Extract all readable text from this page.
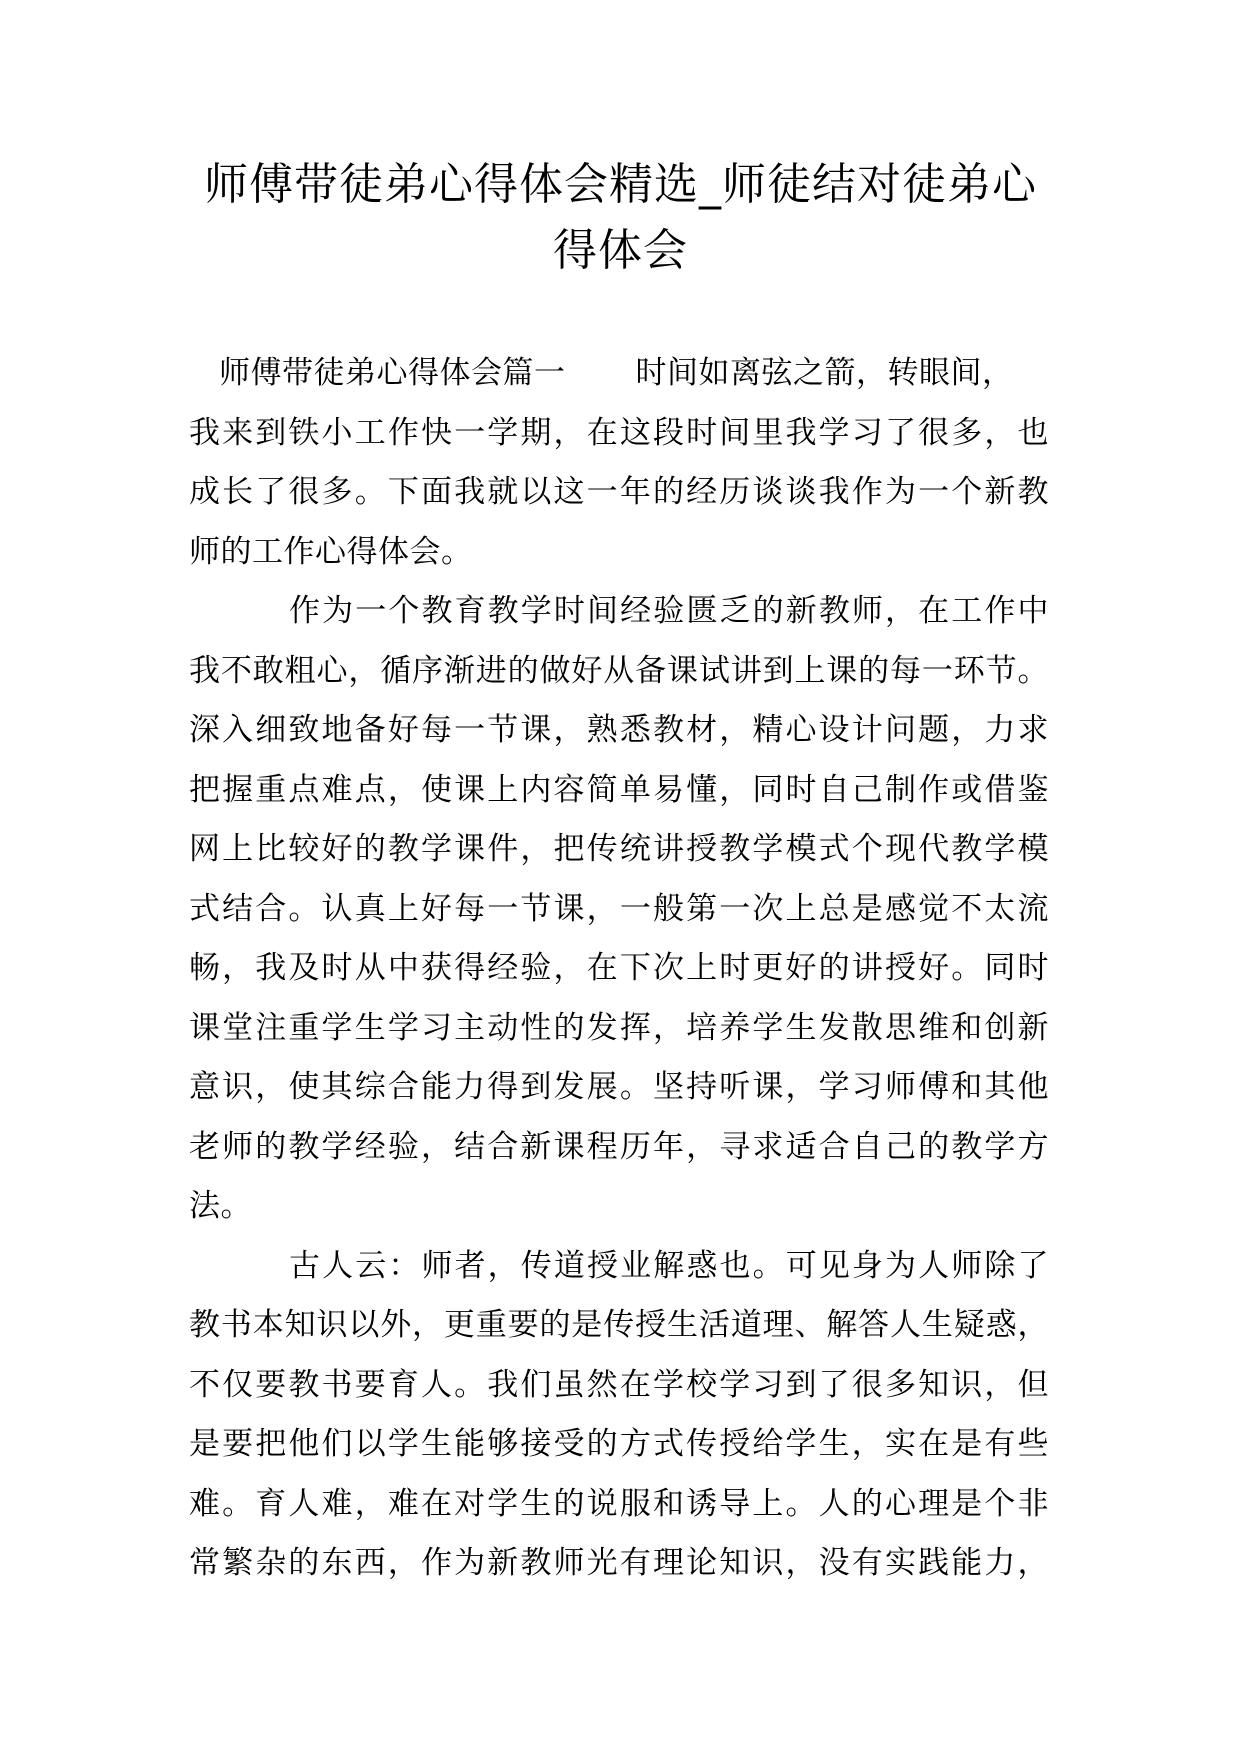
师傅带徒弟心得体会精选_师徒结对徒弟心
得体会
师傅带徒弟心得体会篇一 时间如离弦之箭，转眼间，
我来到铁小工作快一学期，在这段时间里我学习了很多，也
成长了很多。下面我就以这一年的经历谈谈我作为一个新教
师的工作心得体会。
作为一个教育教学时间经验匮乏的新教师，在工作中
我不敢粗心，循序渐进的做好从备课试讲到上课的每一环节。
深入细致地备好每一节课，熟悉教材，精心设计问题，力求
把握重点难点，使课上内容简单易懂，同时自己制作或借鉴
网上比较好的教学课件，把传统讲授教学模式个现代教学模
式结合。认真上好每一节课，一般第一次上总是感觉不太流
畅，我及时从中获得经验，在下次上时更好的讲授好。同时
课堂注重学生学习主动性的发挥，培养学生发散思维和创新
意识，使其综合能力得到发展。坚持听课，学习师傅和其他
老师的教学经验，结合新课程历年，寻求适合自己的教学方
法。
古人云：师者，传道授业解惑也。可见身为人师除了
教书本知识以外，更重要的是传授生活道理、解答人生疑惑，
不仅要教书要育人。我们虽然在学校学习到了很多知识，但
是要把他们以学生能够接受的方式传授给学生，实在是有些
难。育人难，难在对学生的说服和诱导上。人的心理是个非
常繁杂的东西，作为新教师光有理论知识，没有实践能力，
